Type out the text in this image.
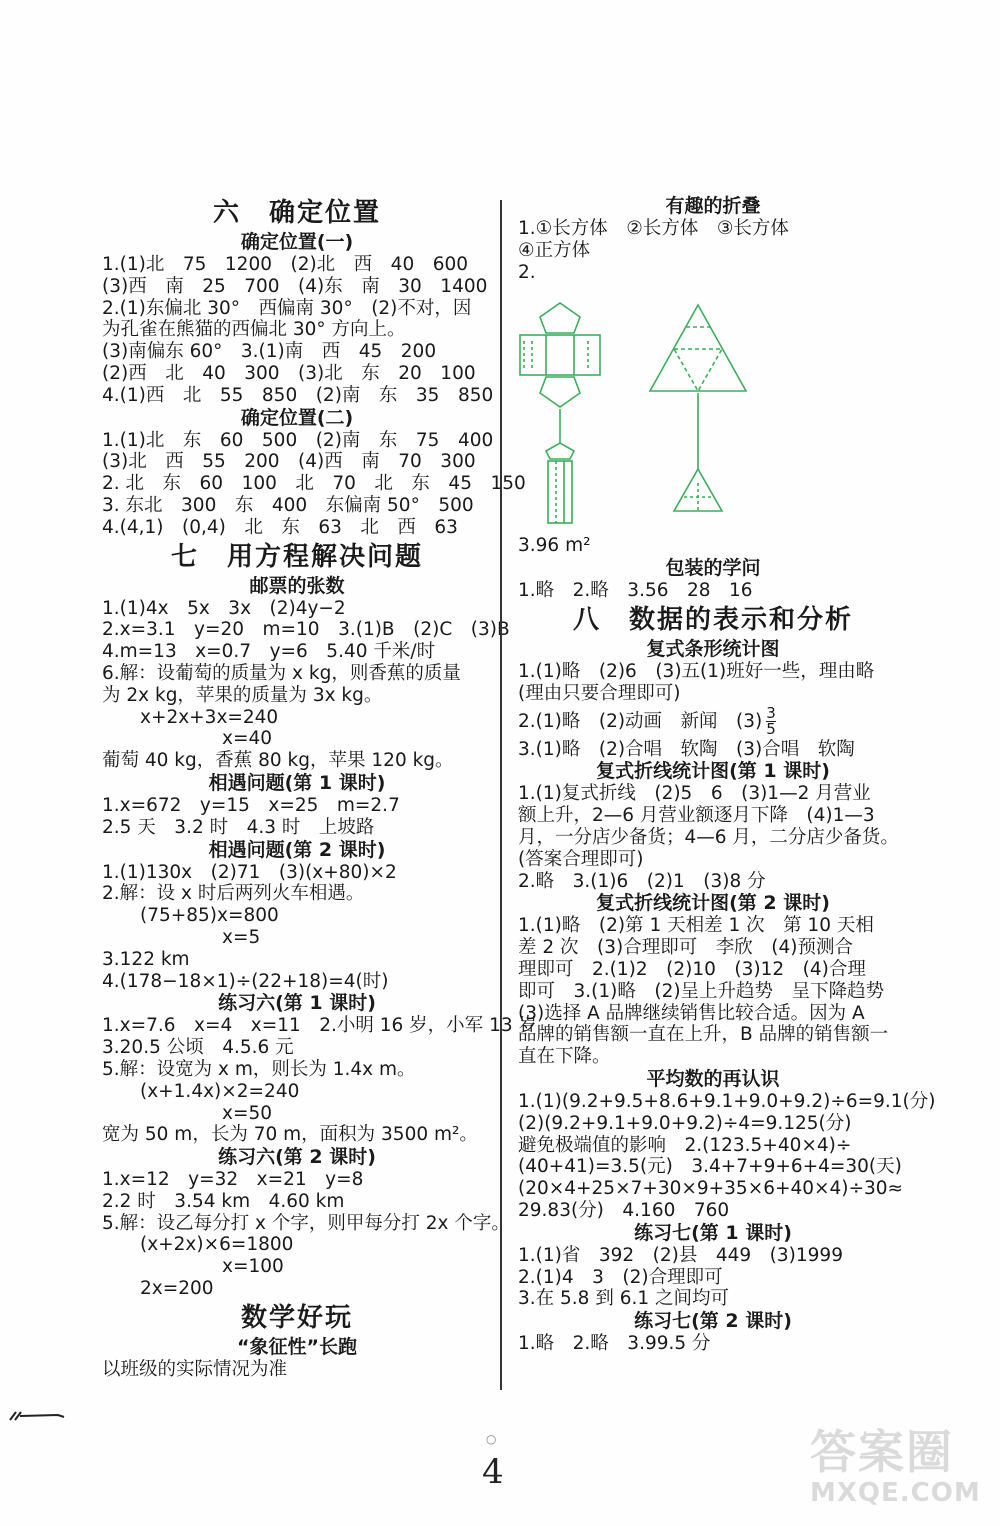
六　确定位置
确定位置(一)
1.(1)北　75　1200　(2)北　西　40　600
(3)西　南　25　700　(4)东　南　30　1400
2.(1)东偏北 30°　西偏南 30°　(2)不对，因
为孔雀在熊猫的西偏北 30° 方向上。
(3)南偏东 60°　3.(1)南　西　45　200
(2)西　北　40　300　(3)北　东　20　100
4.(1)西　北　55　850　(2)南　东　35　850
确定位置(二)
1.(1)北　东　60　500　(2)南　东　75　400
(3)北　西　55　200　(4)西　南　70　300
2. 北　东　60　100　北　70　北　东　45　150
3. 东北　300　东　400　东偏南 50°　500
4.(4,1)　(0,4)　北　东　63　北　西　63
七　用方程解决问题
邮票的张数
1.(1)4x　5x　3x　(2)4y−2
2.x=3.1　y=20　m=10　3.(1)B　(2)C　(3)B
4.m=13　x=0.7　y=6　5.40 千米/时
6.解：设葡萄的质量为 x kg，则香蕉的质量
为 2x kg，苹果的质量为 3x kg。
x+2x+3x=240
x=40
葡萄 40 kg，香蕉 80 kg，苹果 120 kg。
相遇问题(第 1 课时)
1.x=672　y=15　x=25　m=2.7
2.5 天　3.2 时　4.3 时　上坡路
相遇问题(第 2 课时)
1.(1)130x　(2)71　(3)(x+80)×2
2.解：设 x 时后两列火车相遇。
(75+85)x=800
x=5
3.122 km
4.(178−18×1)÷(22+18)=4(时)
练习六(第 1 课时)
1.x=7.6　x=4　x=11　2.小明 16 岁，小军 13 岁
3.20.5 公顷　4.5.6 元
5.解：设宽为 x m，则长为 1.4x m。
(x+1.4x)×2=240
x=50
宽为 50 m，长为 70 m，面积为 3500 m²。
练习六(第 2 课时)
1.x=12　y=32　x=21　y=8
2.2 时　3.54 km　4.60 km
5.解：设乙每分打 x 个字，则甲每分打 2x 个字。
(x+2x)×6=1800
x=100
2x=200
数学好玩
“象征性”长跑
以班级的实际情况为准
有趣的折叠
1.①长方体　②长方体　③长方体
④正方体
2.
3.96 m²
包装的学问
1.略　2.略　3.56　28　16
八　数据的表示和分析
复式条形统计图
1.(1)略　(2)6　(3)五(1)班好一些，理由略
(理由只要合理即可)
2.(1)略　(2)动画　新闻　$(3) \frac{3}{5}$
3.(1)略　(2)合唱　软陶　(3)合唱　软陶
复式折线统计图(第 1 课时)
1.(1)复式折线　(2)5　6　(3)1—2 月营业
额上升，2—6 月营业额逐月下降　(4)1—3
月，一分店少备货；4—6 月，二分店少备货。
(答案合理即可)
2.略　3.(1)6　(2)1　(3)8 分
复式折线统计图(第 2 课时)
1.(1)略　(2)第 1 天相差 1 次　第 10 天相
差 2 次　(3)合理即可　李欣　(4)预测合
理即可　2.(1)2　(2)10　(3)12　(4)合理
即可　3.(1)略　(2)呈上升趋势　呈下降趋势
(3)选择 A 品牌继续销售比较合适。因为 A
品牌的销售额一直在上升，B 品牌的销售额一
直在下降。
平均数的再认识
1.(1)(9.2+9.5+8.6+9.1+9.0+9.2)÷6=9.1(分)
(2)(9.2+9.1+9.0+9.2)÷4=9.125(分)
避免极端值的影响　2.(123.5+40×4)÷
(40+41)=3.5(元)　3.4+7+9+6+4=30(天)
(20×4+25×7+30×9+35×6+40×4)÷30≈
29.83(分)　4.160　760
练习七(第 1 课时)
1.(1)省　392　(2)县　449　(3)1999
2.(1)4　3　(2)合理即可
3.在 5.8 到 6.1 之间均可
练习七(第 2 课时)
1.略　2.略　3.99.5 分
○
4	答案圈
MXQE.COM
